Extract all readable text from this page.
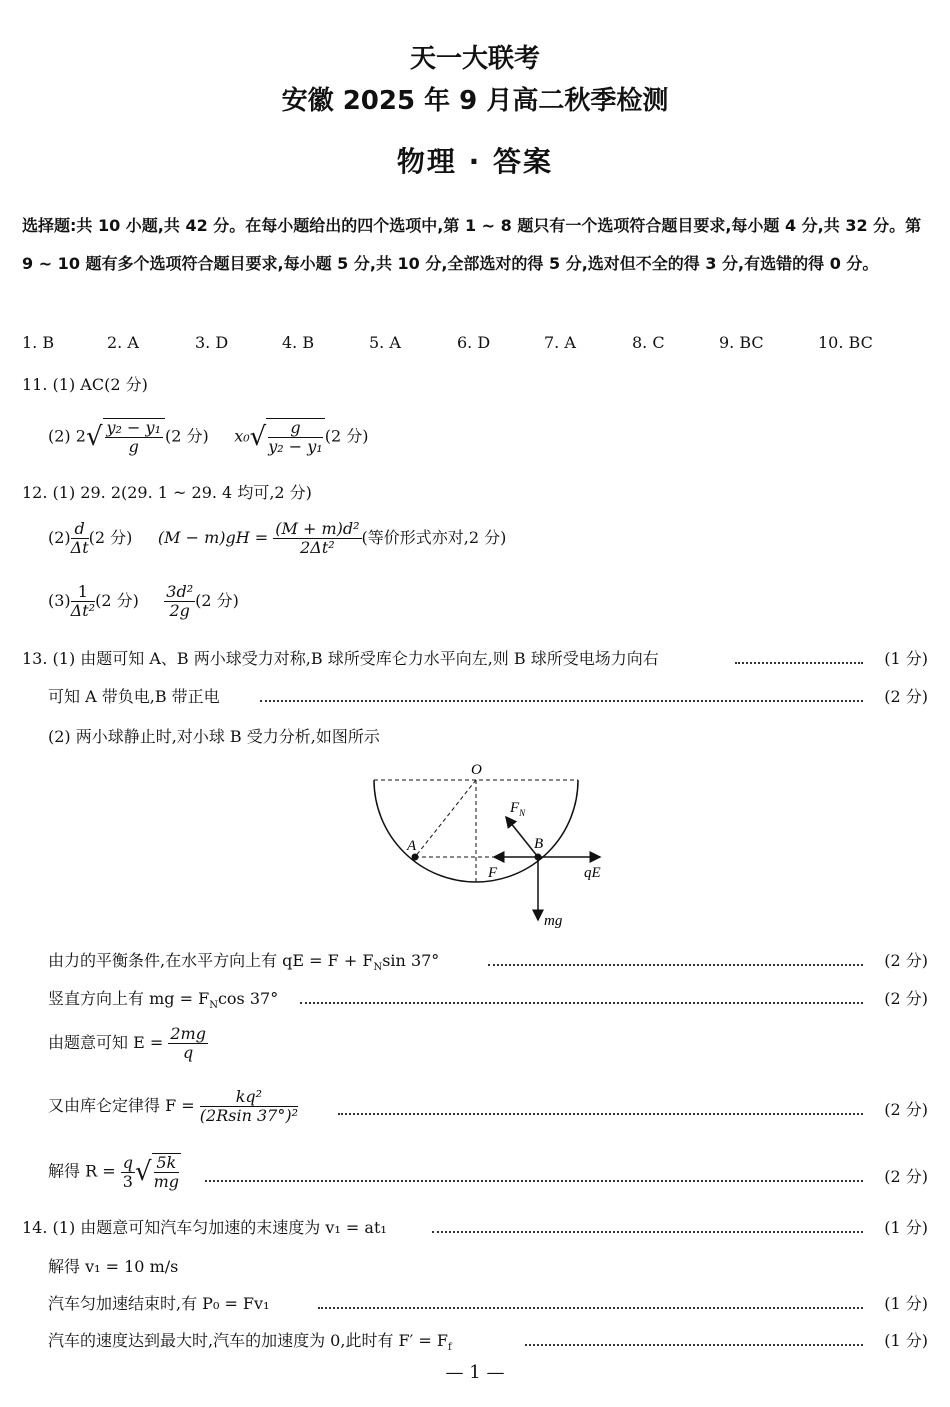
天一大联考
安徽 2025 年 9 月高二秋季检测
物理 · 答案
选择题:共 10 小题,共 42 分。在每小题给出的四个选项中,第 1 ~ 8 题只有一个选项符合题目要求,每小题 4 分,共 32 分。第 9 ~ 10 题有多个选项符合题目要求,每小题 5 分,共 10 分,全部选对的得 5 分,选对但不全的得 3 分,有选错的得 0 分。
1. B	2. A	3. D	4. B	5. A	6. D	7. A	8. C	9. BC	10. BC
11. (1) AC(2 分)
(2) $2√ \frac{\text{y₂ − y₁}}{g} (2$ 分) $x_0√ \frac{g}{\text{y₂ − y₁}} (2$ 分)
12. (1) 29. 2(29. 1 ~ 29. 4 均可,2 分)
$(2) \frac{d}{\Delta t} (2$ 分) $(M - m)gH = \frac{\text{(M + m)d²}}{\text{2Δt²}}$ (等价形式亦对,2 分)
$(3) \frac{1}{\text{Δt²}} (2$ 分) $\frac{\text{3d²}}{2g} (2$ 分)
13. (1) 由题可知 A、B 两小球受力对称,B 球所受库仑力水平向左,则 B 球所受电场力向右	(1 分)
可知 A 带负电,B 带正电	(2 分)
(2) 两小球静止时,对小球 B 受力分析,如图所示
O
A	B
$F_N$
F	qE
mg
由力的平衡条件,在水平方向上有 qE = $F + F_N\sin$ 37°	(2 分)
竖直方向上有 mg = $F_N\cos$ 37°	(2 分)
由题意可知 $E = \frac{2mg}{q}$
又由库仑定律得 $F = \frac{\text{kq²}}{\text{(2Rsin 37°)²}}$	(2 分)
解得 $R = \frac{q}{3}$ √ $\frac{5k}{mg}$	(2 分)
14. (1) 由题意可知汽车匀加速的末速度为 v₁ = at₁	(1 分)
解得 v₁ = 10 m/s
汽车匀加速结束时,有 P₀ = Fv₁	(1 分)
汽车的速度达到最大时,汽车的加速度为 0,此时有 $F' = F_f$	(1 分)
— 1 —
